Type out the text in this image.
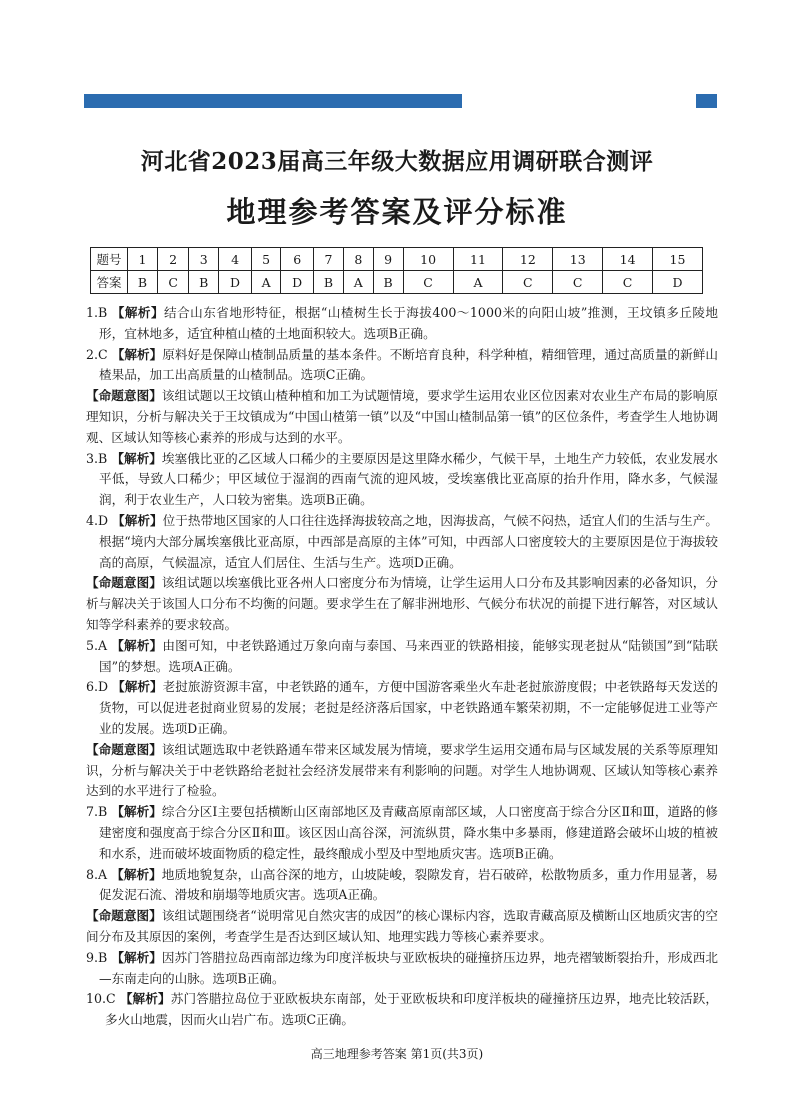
河北省2023届高三年级大数据应用调研联合测评
地理参考答案及评分标准
题号	1	2	3	4	5	6	7	8	9	10	11	12	13	14	15
答案	B	C	B	D	A	D	B	A	B	C	A	C	C	C	D
1.B 【解析】结合山东省地形特征，根据“山楂树生长于海拔400～1000米的向阳山坡”推测，王坟镇多丘陵地形，宜林地多，适宜种植山楂的土地面积较大。选项B正确。
2.C 【解析】原料好是保障山楂制品质量的基本条件。不断培育良种，科学种植，精细管理，通过高质量的新鲜山楂果品，加工出高质量的山楂制品。选项C正确。
【命题意图】该组试题以王坟镇山楂种植和加工为试题情境，要求学生运用农业区位因素对农业生产布局的影响原理知识，分析与解决关于王坟镇成为“中国山楂第一镇”以及“中国山楂制品第一镇”的区位条件，考查学生人地协调观、区域认知等核心素养的形成与达到的水平。
3.B 【解析】埃塞俄比亚的乙区域人口稀少的主要原因是这里降水稀少，气候干旱，土地生产力较低，农业发展水平低，导致人口稀少；甲区域位于湿润的西南气流的迎风坡，受埃塞俄比亚高原的抬升作用，降水多，气候湿润，利于农业生产，人口较为密集。选项B正确。
4.D 【解析】位于热带地区国家的人口往往选择海拔较高之地，因海拔高，气候不闷热，适宜人们的生活与生产。根据“境内大部分属埃塞俄比亚高原，中西部是高原的主体”可知，中西部人口密度较大的主要原因是位于海拔较高的高原，气候温凉，适宜人们居住、生活与生产。选项D正确。
【命题意图】该组试题以埃塞俄比亚各州人口密度分布为情境，让学生运用人口分布及其影响因素的必备知识，分析与解决关于该国人口分布不均衡的问题。要求学生在了解非洲地形、气候分布状况的前提下进行解答，对区域认知等学科素养的要求较高。
5.A 【解析】由图可知，中老铁路通过万象向南与泰国、马来西亚的铁路相接，能够实现老挝从“陆锁国”到“陆联国”的梦想。选项A正确。
6.D 【解析】老挝旅游资源丰富，中老铁路的通车，方便中国游客乘坐火车赴老挝旅游度假；中老铁路每天发送的货物，可以促进老挝商业贸易的发展；老挝是经济落后国家，中老铁路通车繁荣初期，不一定能够促进工业等产业的发展。选项D正确。
【命题意图】该组试题选取中老铁路通车带来区域发展为情境，要求学生运用交通布局与区域发展的关系等原理知识，分析与解决关于中老铁路给老挝社会经济发展带来有利影响的问题。对学生人地协调观、区域认知等核心素养达到的水平进行了检验。
7.B 【解析】综合分区Ⅰ主要包括横断山区南部地区及青藏高原南部区域，人口密度高于综合分区Ⅱ和Ⅲ，道路的修建密度和强度高于综合分区Ⅱ和Ⅲ。该区因山高谷深，河流纵贯，降水集中多暴雨，修建道路会破坏山坡的植被和水系，进而破坏坡面物质的稳定性，最终酿成小型及中型地质灾害。选项B正确。
8.A 【解析】地质地貌复杂，山高谷深的地方，山坡陡峻，裂隙发育，岩石破碎，松散物质多，重力作用显著，易促发泥石流、滑坡和崩塌等地质灾害。选项A正确。
【命题意图】该组试题围绕者“说明常见自然灾害的成因”的核心课标内容，选取青藏高原及横断山区地质灾害的空间分布及其原因的案例，考查学生是否达到区域认知、地理实践力等核心素养要求。
9.B 【解析】因苏门答腊拉岛西南部边缘为印度洋板块与亚欧板块的碰撞挤压边界，地壳褶皱断裂抬升，形成西北—东南走向的山脉。选项B正确。
10.C 【解析】苏门答腊拉岛位于亚欧板块东南部，处于亚欧板块和印度洋板块的碰撞挤压边界，地壳比较活跃，多火山地震，因而火山岩广布。选项C正确。
高三地理参考答案 第1页(共3页)
